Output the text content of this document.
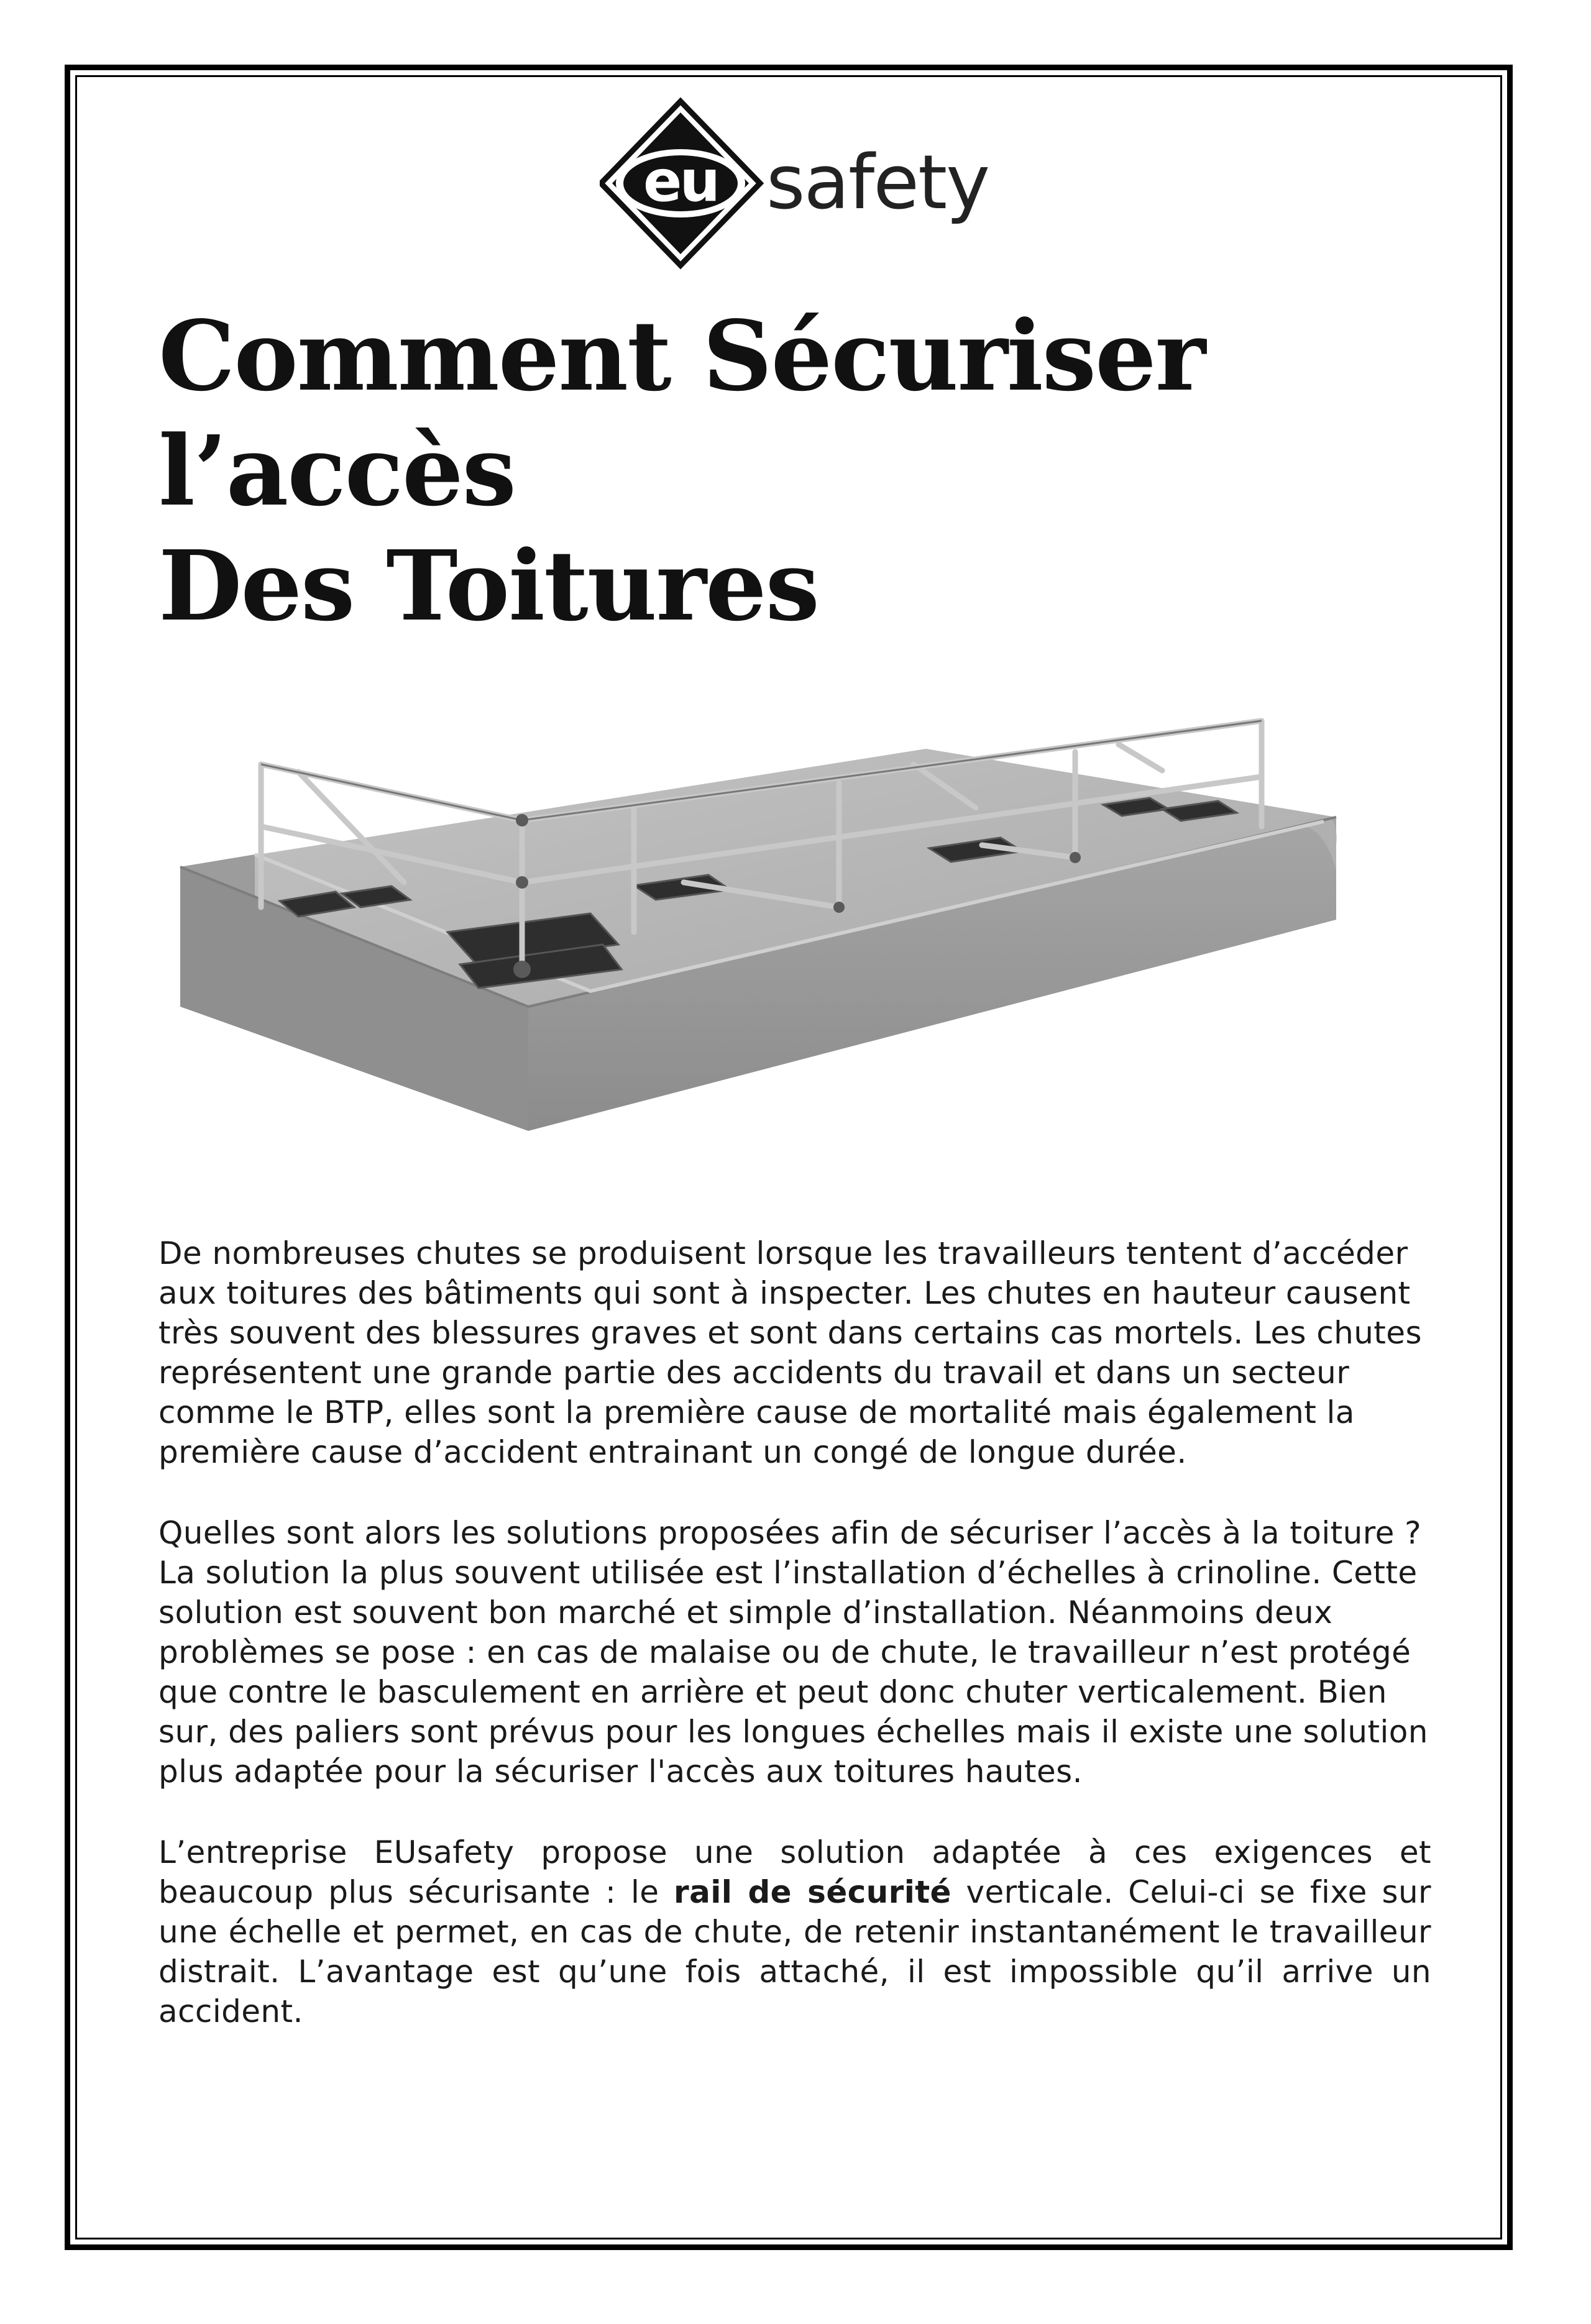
eu safety
Comment Sécuriser l’accès
Des Toitures

De nombreuses chutes se produisent lorsque les travailleurs tentent d’accéder aux toitures des bâtiments qui sont à inspecter. Les chutes en hauteur causent très souvent des blessures graves et sont dans certains cas mortels. Les chutes représentent une grande partie des accidents du travail et dans un secteur comme le BTP, elles sont la première cause de mortalité mais également la première cause d’accident entrainant un congé de longue durée.

Quelles sont alors les solutions proposées afin de sécuriser l’accès à la toiture ? La solution la plus souvent utilisée est l’installation d’échelles à crinoline. Cette solution est souvent bon marché et simple d’installation. Néanmoins deux problèmes se pose : en cas de malaise ou de chute, le travailleur n’est protégé que contre le basculement en arrière et peut donc chuter verticalement. Bien sur, des paliers sont prévus pour les longues échelles mais il existe une solution plus adaptée pour la sécuriser l'accès aux toitures hautes.

L’entreprise EUsafety propose une solution adaptée à ces exigences et beaucoup plus sécurisante : le rail de sécurité verticale. Celui-ci se fixe sur une échelle et permet, en cas de chute, de retenir instantanément le travailleur distrait. L’avantage est qu’une fois attaché, il est impossible qu’il arrive un accident.
